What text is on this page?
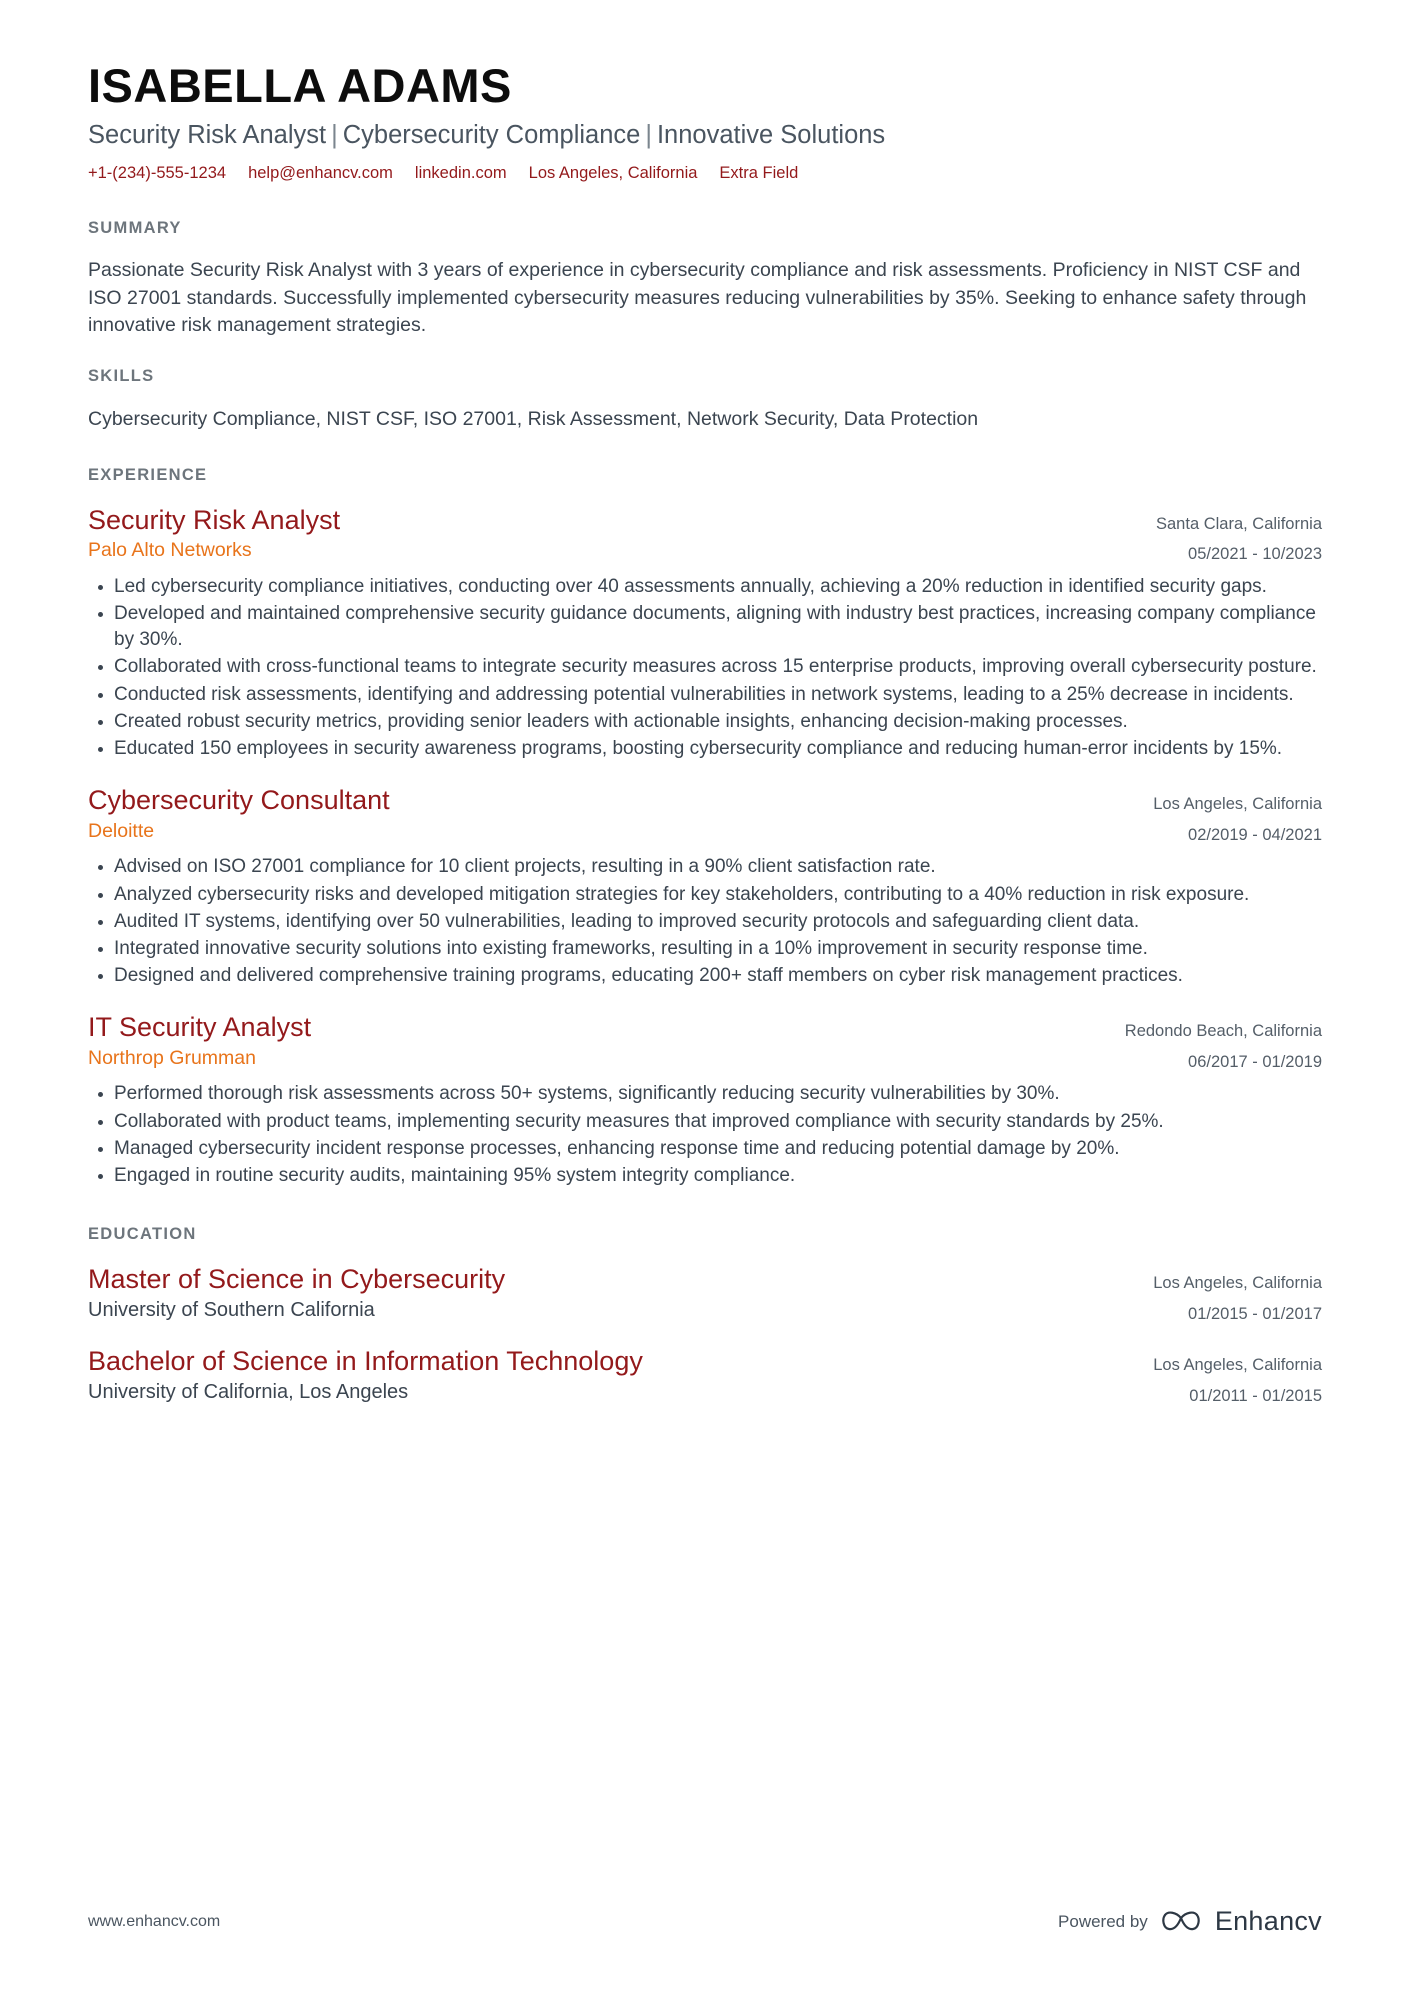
ISABELLA ADAMS
Security Risk Analyst | Cybersecurity Compliance | Innovative Solutions
+1-(234)-555-1234 help@enhancv.com linkedin.com Los Angeles, California Extra Field
SUMMARY
Passionate Security Risk Analyst with 3 years of experience in cybersecurity compliance and risk assessments. Proficiency in NIST CSF and ISO 27001 standards. Successfully implemented cybersecurity measures reducing vulnerabilities by 35%. Seeking to enhance safety through innovative risk management strategies.
SKILLS
Cybersecurity Compliance, NIST CSF, ISO 27001, Risk Assessment, Network Security, Data Protection
EXPERIENCE
Security Risk Analyst
Palo Alto Networks
Santa Clara, California
05/2021 - 10/2023
Led cybersecurity compliance initiatives, conducting over 40 assessments annually, achieving a 20% reduction in identified security gaps.
Developed and maintained comprehensive security guidance documents, aligning with industry best practices, increasing company compliance by 30%.
Collaborated with cross-functional teams to integrate security measures across 15 enterprise products, improving overall cybersecurity posture.
Conducted risk assessments, identifying and addressing potential vulnerabilities in network systems, leading to a 25% decrease in incidents.
Created robust security metrics, providing senior leaders with actionable insights, enhancing decision-making processes.
Educated 150 employees in security awareness programs, boosting cybersecurity compliance and reducing human-error incidents by 15%.
Cybersecurity Consultant
Deloitte
Los Angeles, California
02/2019 - 04/2021
Advised on ISO 27001 compliance for 10 client projects, resulting in a 90% client satisfaction rate.
Analyzed cybersecurity risks and developed mitigation strategies for key stakeholders, contributing to a 40% reduction in risk exposure.
Audited IT systems, identifying over 50 vulnerabilities, leading to improved security protocols and safeguarding client data.
Integrated innovative security solutions into existing frameworks, resulting in a 10% improvement in security response time.
Designed and delivered comprehensive training programs, educating 200+ staff members on cyber risk management practices.
IT Security Analyst
Northrop Grumman
Redondo Beach, California
06/2017 - 01/2019
Performed thorough risk assessments across 50+ systems, significantly reducing security vulnerabilities by 30%.
Collaborated with product teams, implementing security measures that improved compliance with security standards by 25%.
Managed cybersecurity incident response processes, enhancing response time and reducing potential damage by 20%.
Engaged in routine security audits, maintaining 95% system integrity compliance.
EDUCATION
Master of Science in Cybersecurity
University of Southern California
Los Angeles, California
01/2015 - 01/2017
Bachelor of Science in Information Technology
University of California, Los Angeles
Los Angeles, California
01/2011 - 01/2015
www.enhancv.com	Powered by Enhancv
